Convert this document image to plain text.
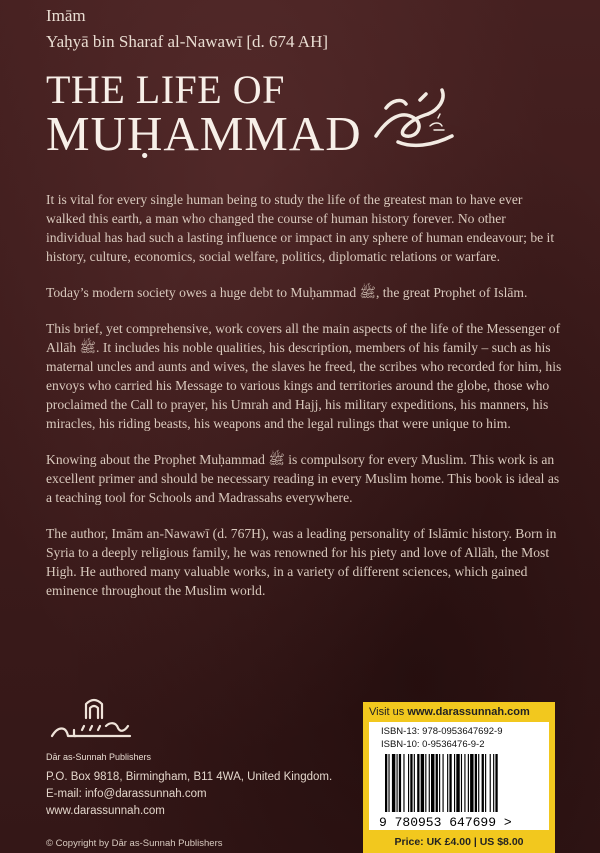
Imām
Yaḥyā bin Sharaf al-Nawawī [d. 674 AH]
THE LIFE OF
MUḤAMMAD

It is vital for every single human being to study the life of the greatest man to have ever walked this earth, a man who changed the course of human history forever. No other individual has had such a lasting influence or impact in any sphere of human endeavour; be it history, culture, economics, social welfare, politics, diplomatic relations or warfare.

Today’s modern society owes a huge debt to Muḥammad ﷺ, the great Prophet of Islām.

This brief, yet comprehensive, work covers all the main aspects of the life of the Messenger of Allāh ﷺ. It includes his noble qualities, his description, members of his family – such as his maternal uncles and aunts and wives, the slaves he freed, the scribes who recorded for him, his envoys who carried his Message to various kings and territories around the globe, those who proclaimed the Call to prayer, his Umrah and Hajj, his military expeditions, his manners, his miracles, his riding beasts, his weapons and the legal rulings that were unique to him.

Knowing about the Prophet Muḥammad ﷺ is compulsory for every Muslim. This work is an excellent primer and should be necessary reading in every Muslim home. This book is ideal as a teaching tool for Schools and Madrassahs everywhere.

The author, Imām an-Nawawī (d. 767H), was a leading personality of Islāmic history. Born in Syria to a deeply religious family, he was renowned for his piety and love of Allāh, the Most High. He authored many valuable works, in a variety of different sciences, which gained eminence throughout the Muslim world.

Dār as-Sunnah Publishers
P.O. Box 9818, Birmingham, B11 4WA, United Kingdom.
E-mail: info@darassunnah.com
www.darassunnah.com
© Copyright by Dār as-Sunnah Publishers
Visit us www.darassunnah.com
ISBN-13: 978-0953647692-9
ISBN-10: 0-9536476-9-2
9 780953 647699 >
Price: UK £4.00 | US $8.00
